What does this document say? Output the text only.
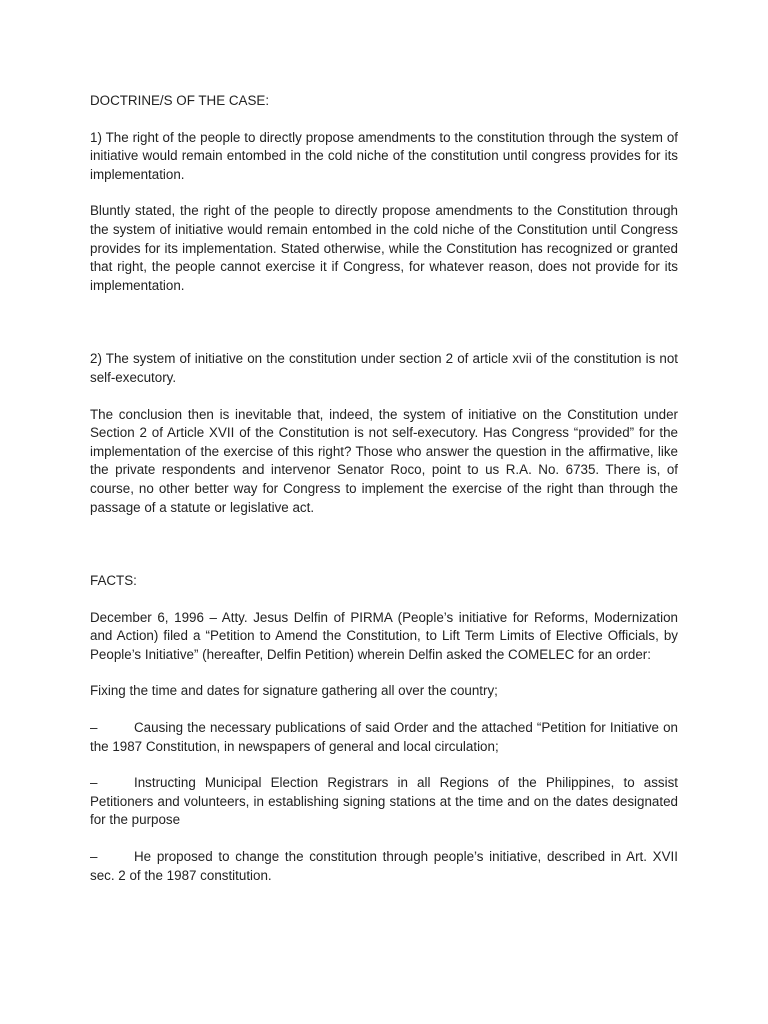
DOCTRINE/S OF THE CASE:

1) The right of the people to directly propose amendments to the constitution through the system of initiative would remain entombed in the cold niche of the constitution until congress provides for its implementation.

Bluntly stated, the right of the people to directly propose amendments to the Constitution through the system of initiative would remain entombed in the cold niche of the Constitution until Congress provides for its implementation. Stated otherwise, while the Constitution has recognized or granted that right, the people cannot exercise it if Congress, for whatever reason, does not provide for its implementation.

2) The system of initiative on the constitution under section 2 of article xvii of the constitution is not self-executory.

The conclusion then is inevitable that, indeed, the system of initiative on the Constitution under Section 2 of Article XVII of the Constitution is not self-executory. Has Congress “provided” for the implementation of the exercise of this right? Those who answer the question in the affirmative, like the private respondents and intervenor Senator Roco, point to us R.A. No. 6735. There is, of course, no other better way for Congress to implement the exercise of the right than through the passage of a statute or legislative act.

FACTS:

December 6, 1996 – Atty. Jesus Delfin of PIRMA (People’s initiative for Reforms, Modernization and Action) filed a “Petition to Amend the Constitution, to Lift Term Limits of Elective Officials, by People’s Initiative” (hereafter, Delfin Petition) wherein Delfin asked the COMELEC for an order:

Fixing the time and dates for signature gathering all over the country;

–	Causing the necessary publications of said Order and the attached “Petition for Initiative on the 1987 Constitution, in newspapers of general and local circulation;

–	Instructing Municipal Election Registrars in all Regions of the Philippines, to assist Petitioners and volunteers, in establishing signing stations at the time and on the dates designated for the purpose

–	He proposed to change the constitution through people’s initiative, described in Art. XVII sec. 2 of the 1987 constitution.
